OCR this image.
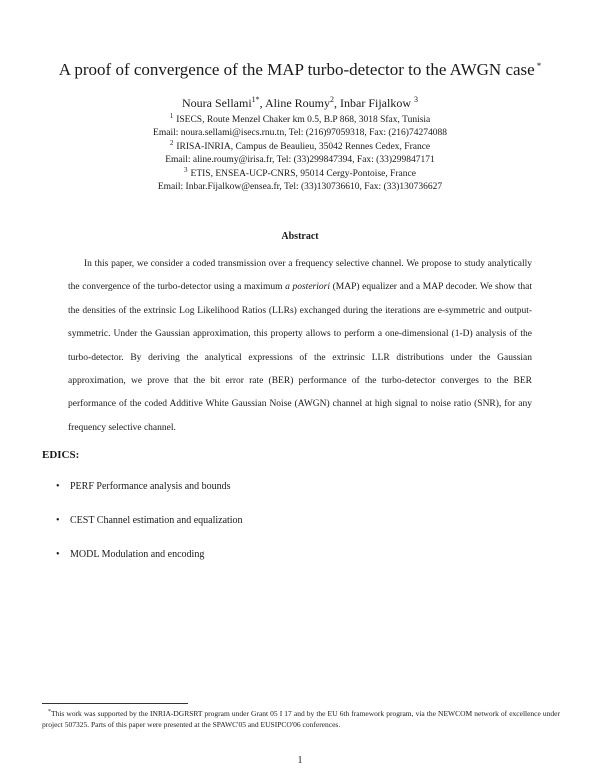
A proof of convergence of the MAP turbo-detector to the AWGN case *
Noura Sellami$^{1*}$, Aline Roumy$^2$, Inbar Fijalkow $^3$
$^1$ ISECS, Route Menzel Chaker km 0.5, B.P 868, 3018 Sfax, Tunisia
Email: noura.sellami@isecs.rnu.tn, Tel: (216)97059318, Fax: (216)74274088
$^2$ IRISA-INRIA, Campus de Beaulieu, 35042 Rennes Cedex, France
Email: aline.roumy@irisa.fr, Tel: (33)299847394, Fax: (33)299847171
$^3$ ETIS, ENSEA-UCP-CNRS, 95014 Cergy-Pontoise, France
Email: Inbar.Fijalkow@ensea.fr, Tel: (33)130736610, Fax: (33)130736627
Abstract

In this paper, we consider a coded transmission over a frequency selective channel. We propose to study analytically the convergence of the turbo-detector using a maximum a posteriori (MAP) equalizer and a MAP decoder. We show that the densities of the extrinsic Log Likelihood Ratios (LLRs) exchanged during the iterations are e-symmetric and output-symmetric. Under the Gaussian approximation, this property allows to perform a one-dimensional (1-D) analysis of the turbo-detector. By deriving the analytical expressions of the extrinsic LLR distributions under the Gaussian approximation, we prove that the bit error rate (BER) performance of the turbo-detector converges to the BER performance of the coded Additive White Gaussian Noise (AWGN) channel at high signal to noise ratio (SNR), for any frequency selective channel.

EDICS:
• PERF Performance analysis and bounds
• CEST Channel estimation and equalization
• MODL Modulation and encoding

*This work was supported by the INRIA-DGRSRT program under Grant 05 I 17 and by the EU 6th framework program, via the NEWCOM network of excellence under project 507325. Parts of this paper were presented at the SPAWC'05 and EUSIPCO'06 conferences.

1
